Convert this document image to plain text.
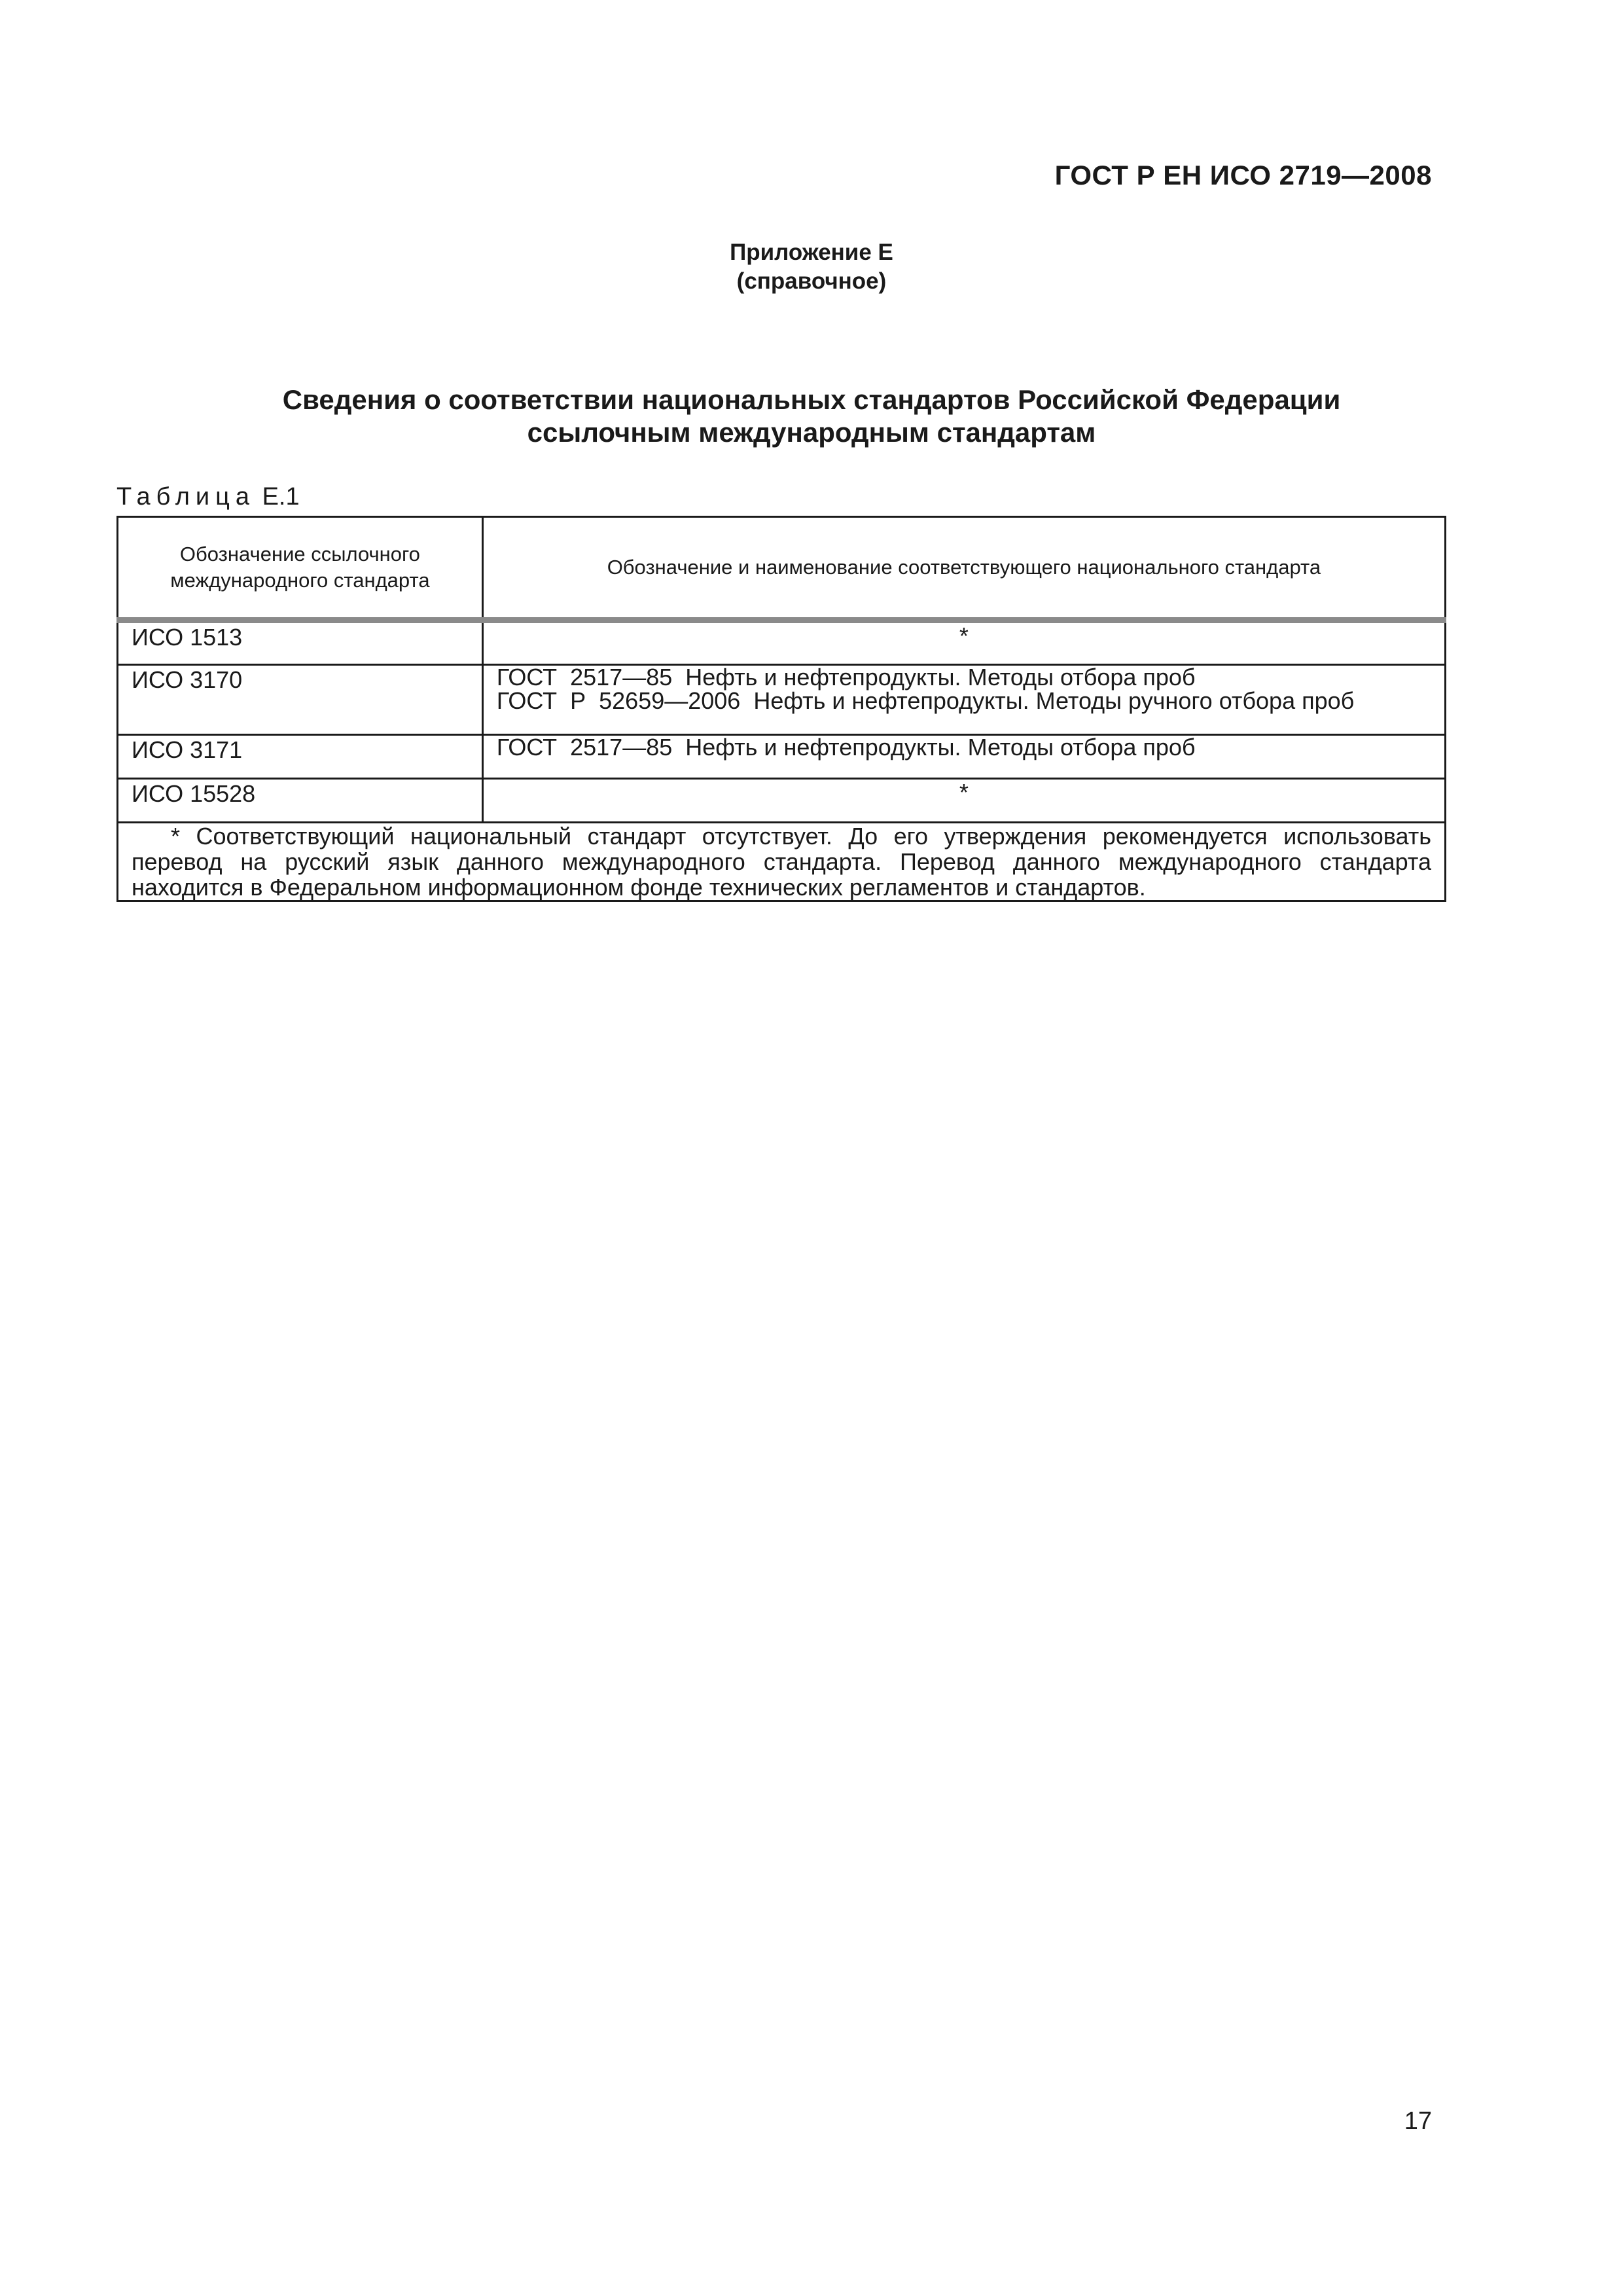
ГОСТ Р ЕН ИСО 2719—2008
Приложение Е
(справочное)
Сведения о соответствии национальных стандартов Российской Федерации
ссылочным международным стандартам
Таблица Е.1
Обозначение ссылочного международного стандарта	Обозначение и наименование соответствующего национального стандарта
ИСО 1513	*
ИСО 3170	ГОСТ  2517—85  Нефть и нефтепродукты. Методы отбора проб
ГОСТ  Р  52659—2006  Нефть и нефтепродукты. Методы ручного отбора проб

ИСО 3171	ГОСТ  2517—85  Нефть и нефтепродукты. Методы отбора проб

ИСО 15528	*
* Соответствующий национальный стандарт отсутствует. До его утверждения рекомендуется использовать перевод на русский язык данного международного стандарта. Перевод данного международного стандарта находится в Федеральном информационном фонде технических регламентов и стандартов.	
17
